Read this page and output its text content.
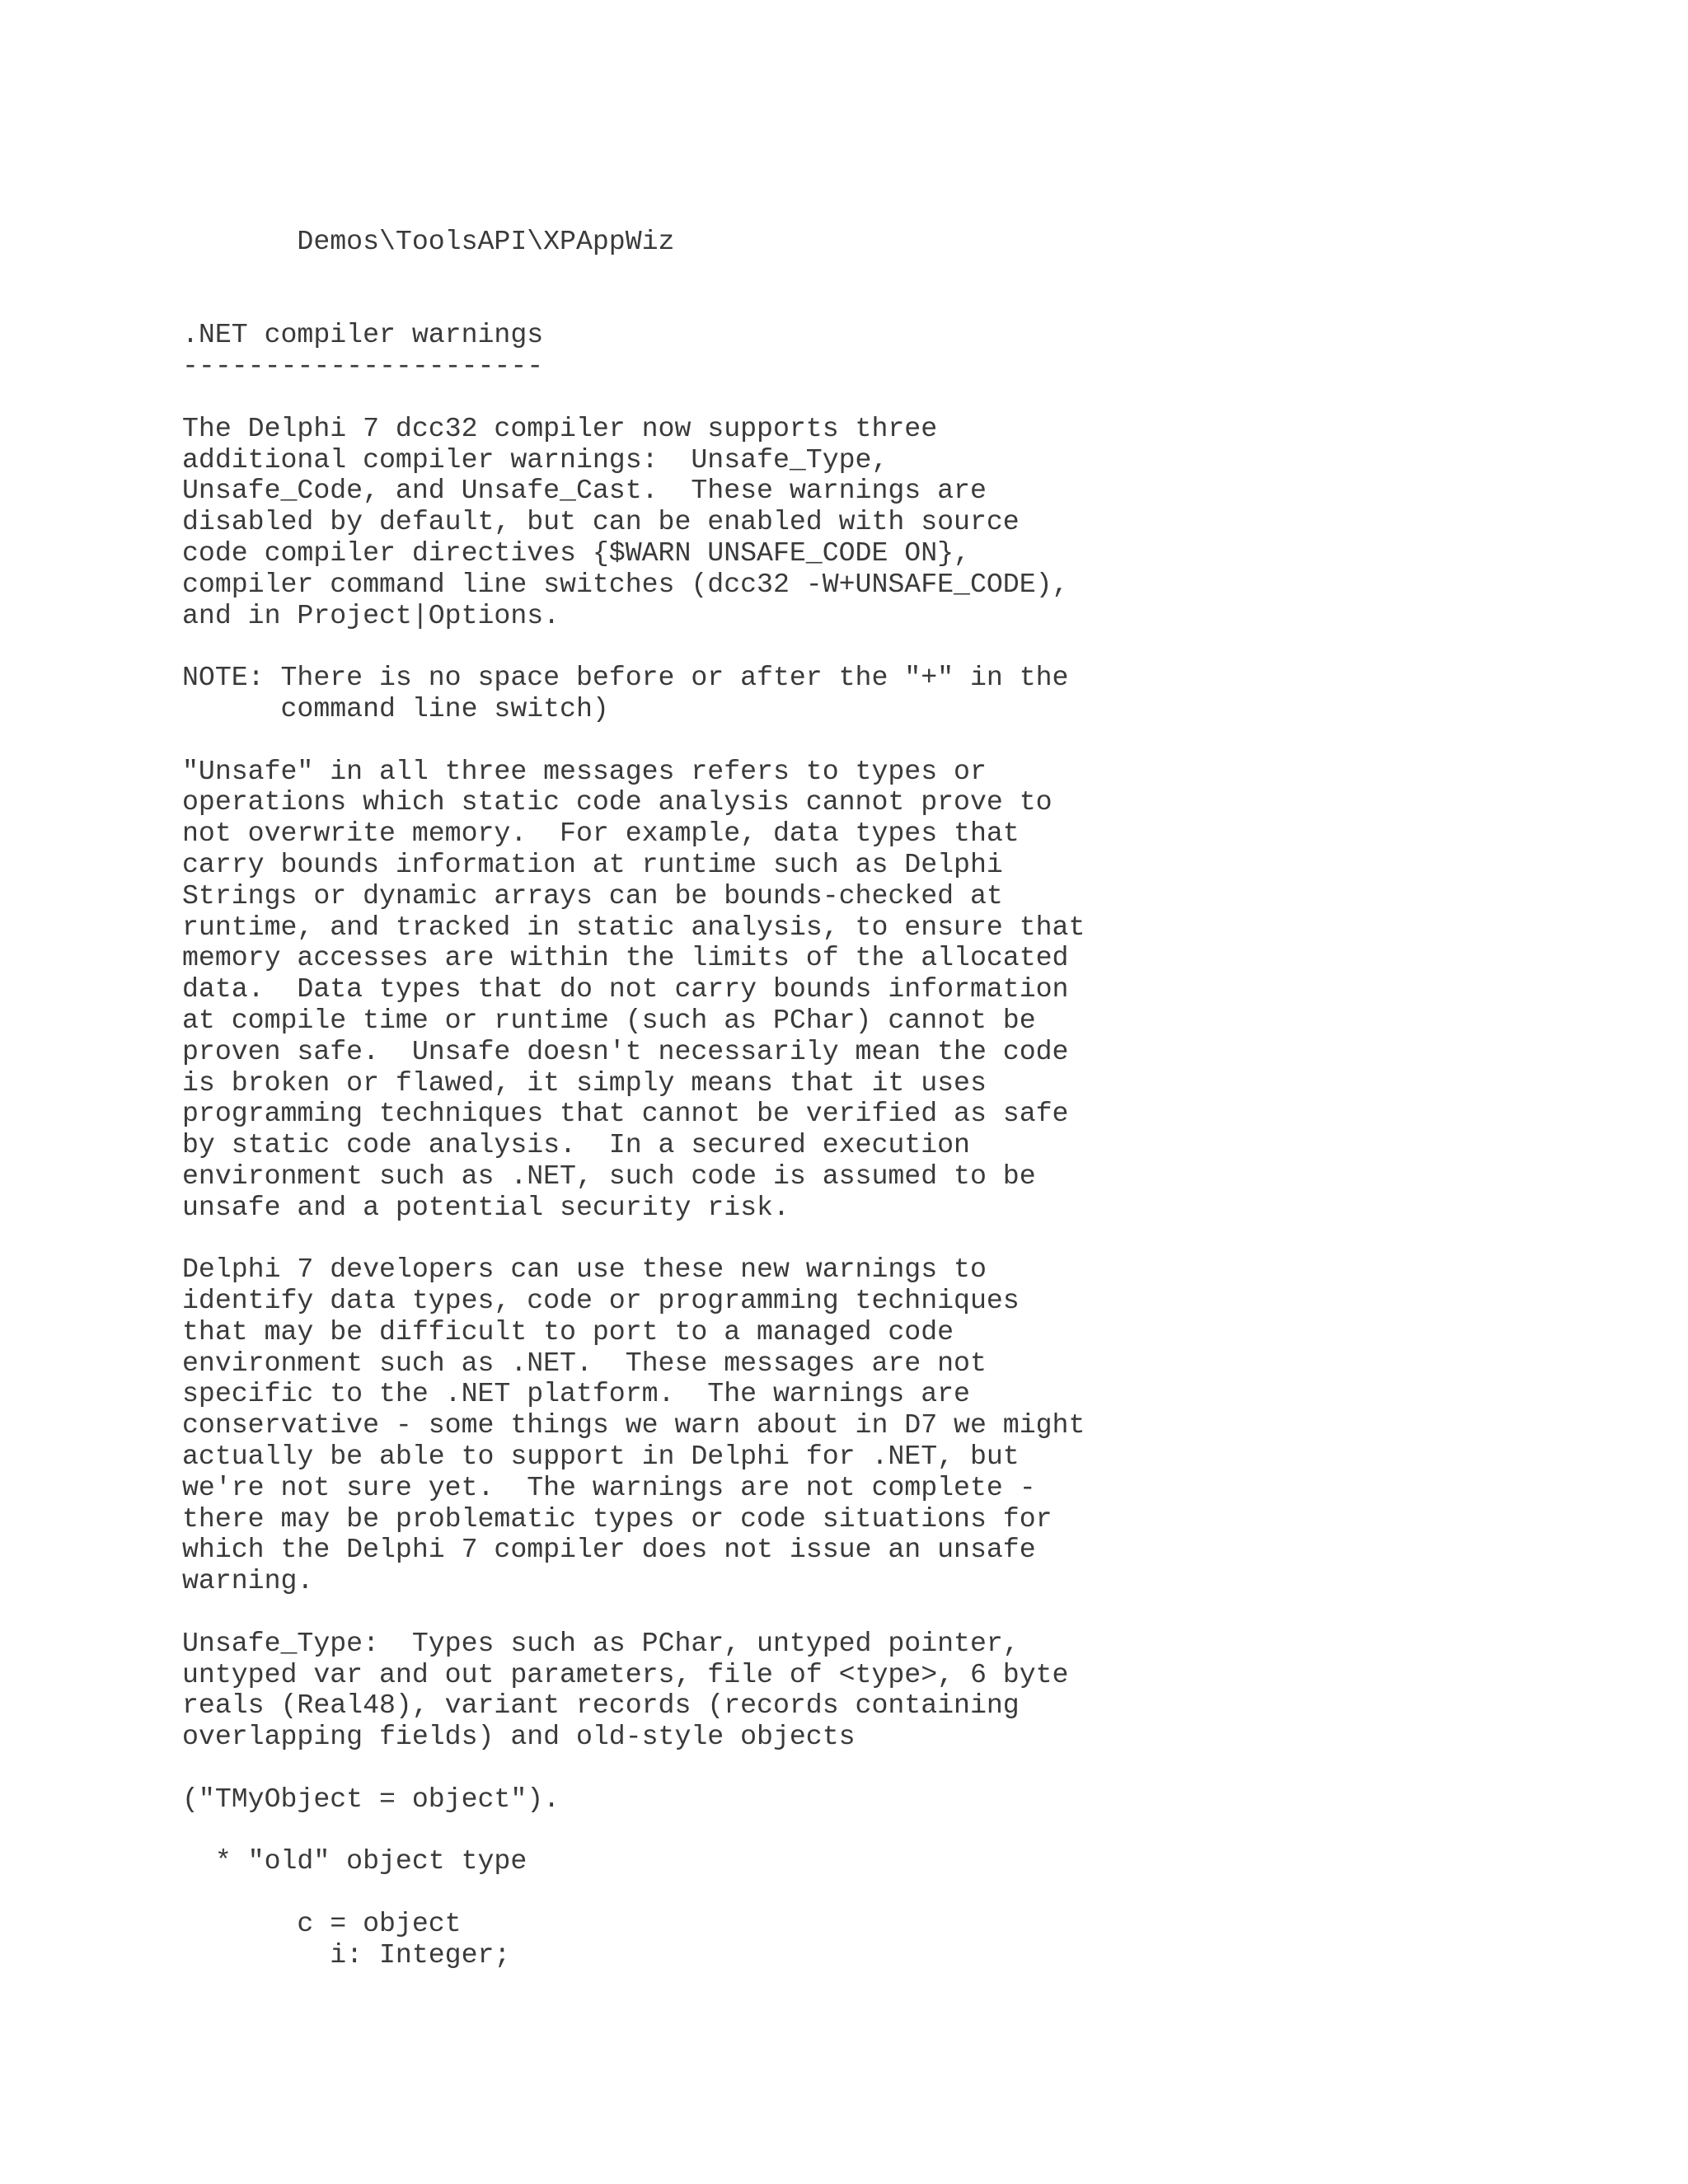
Demos\ToolsAPI\XPAppWiz
.NET compiler warnings
----------------------
The Delphi 7 dcc32 compiler now supports three
additional compiler warnings:  Unsafe_Type,
Unsafe_Code, and Unsafe_Cast.  These warnings are
disabled by default, but can be enabled with source
code compiler directives {$WARN UNSAFE_CODE ON},
compiler command line switches (dcc32 -W+UNSAFE_CODE),
and in Project|Options.
NOTE: There is no space before or after the "+" in the
command line switch)
"Unsafe" in all three messages refers to types or
operations which static code analysis cannot prove to
not overwrite memory.  For example, data types that
carry bounds information at runtime such as Delphi
Strings or dynamic arrays can be bounds-checked at
runtime, and tracked in static analysis, to ensure that
memory accesses are within the limits of the allocated
data.  Data types that do not carry bounds information
at compile time or runtime (such as PChar) cannot be
proven safe.  Unsafe doesn't necessarily mean the code
is broken or flawed, it simply means that it uses
programming techniques that cannot be verified as safe
by static code analysis.  In a secured execution
environment such as .NET, such code is assumed to be
unsafe and a potential security risk.
Delphi 7 developers can use these new warnings to
identify data types, code or programming techniques
that may be difficult to port to a managed code
environment such as .NET.  These messages are not
specific to the .NET platform.  The warnings are
conservative - some things we warn about in D7 we might
actually be able to support in Delphi for .NET, but
we're not sure yet.  The warnings are not complete -
there may be problematic types or code situations for
which the Delphi 7 compiler does not issue an unsafe
warning.
Unsafe_Type:  Types such as PChar, untyped pointer,
untyped var and out parameters, file of <type>, 6 byte
reals (Real48), variant records (records containing
overlapping fields) and old-style objects
("TMyObject = object").
* "old" object type
c = object
i: Integer;
